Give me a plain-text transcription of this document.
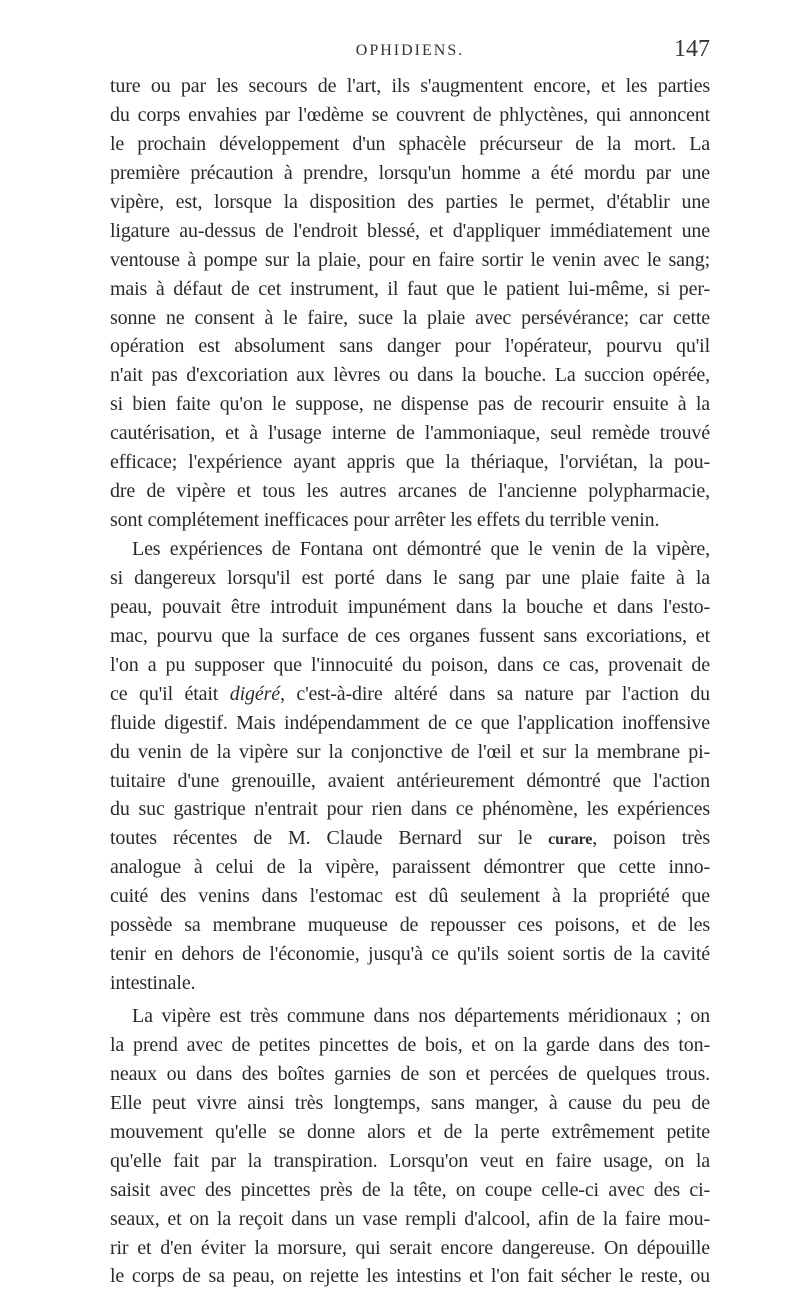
OPHIDIENS.	147
ture ou par les secours de l'art, ils s'augmentent encore, et les parties
du corps envahies par l'œdème se couvrent de phlyctènes, qui annoncent
le prochain développement d'un sphacèle précurseur de la mort. La
première précaution à prendre, lorsqu'un homme a été mordu par une
vipère, est, lorsque la disposition des parties le permet, d'établir une
ligature au-dessus de l'endroit blessé, et d'appliquer immédiatement une
ventouse à pompe sur la plaie, pour en faire sortir le venin avec le sang;
mais à défaut de cet instrument, il faut que le patient lui-même, si per-
sonne ne consent à le faire, suce la plaie avec persévérance; car cette
opération est absolument sans danger pour l'opérateur, pourvu qu'il
n'ait pas d'excoriation aux lèvres ou dans la bouche. La succion opérée,
si bien faite qu'on le suppose, ne dispense pas de recourir ensuite à la
cautérisation, et à l'usage interne de l'ammoniaque, seul remède trouvé
efficace; l'expérience ayant appris que la thériaque, l'orviétan, la pou-
dre de vipère et tous les autres arcanes de l'ancienne polypharmacie,
sont complétement inefficaces pour arrêter les effets du terrible venin.
Les expériences de Fontana ont démontré que le venin de la vipère,
si dangereux lorsqu'il est porté dans le sang par une plaie faite à la
peau, pouvait être introduit impunément dans la bouche et dans l'esto-
mac, pourvu que la surface de ces organes fussent sans excoriations, et
l'on a pu supposer que l'innocuité du poison, dans ce cas, provenait de
ce qu'il était digéré, c'est-à-dire altéré dans sa nature par l'action du
fluide digestif. Mais indépendamment de ce que l'application inoffensive
du venin de la vipère sur la conjonctive de l'œil et sur la membrane pi-
tuitaire d'une grenouille, avaient antérieurement démontré que l'action
du suc gastrique n'entrait pour rien dans ce phénomène, les expériences
toutes récentes de M. Claude Bernard sur le curare, poison très
analogue à celui de la vipère, paraissent démontrer que cette inno-
cuité des venins dans l'estomac est dû seulement à la propriété que
possède sa membrane muqueuse de repousser ces poisons, et de les
tenir en dehors de l'économie, jusqu'à ce qu'ils soient sortis de la cavité
intestinale.
La vipère est très commune dans nos départements méridionaux ; on
la prend avec de petites pincettes de bois, et on la garde dans des ton-
neaux ou dans des boîtes garnies de son et percées de quelques trous.
Elle peut vivre ainsi très longtemps, sans manger, à cause du peu de
mouvement qu'elle se donne alors et de la perte extrêmement petite
qu'elle fait par la transpiration. Lorsqu'on veut en faire usage, on la
saisit avec des pincettes près de la tête, on coupe celle-ci avec des ci-
seaux, et on la reçoit dans un vase rempli d'alcool, afin de la faire mou-
rir et d'en éviter la morsure, qui serait encore dangereuse. On dépouille
le corps de sa peau, on rejette les intestins et l'on fait sécher le reste, ou
